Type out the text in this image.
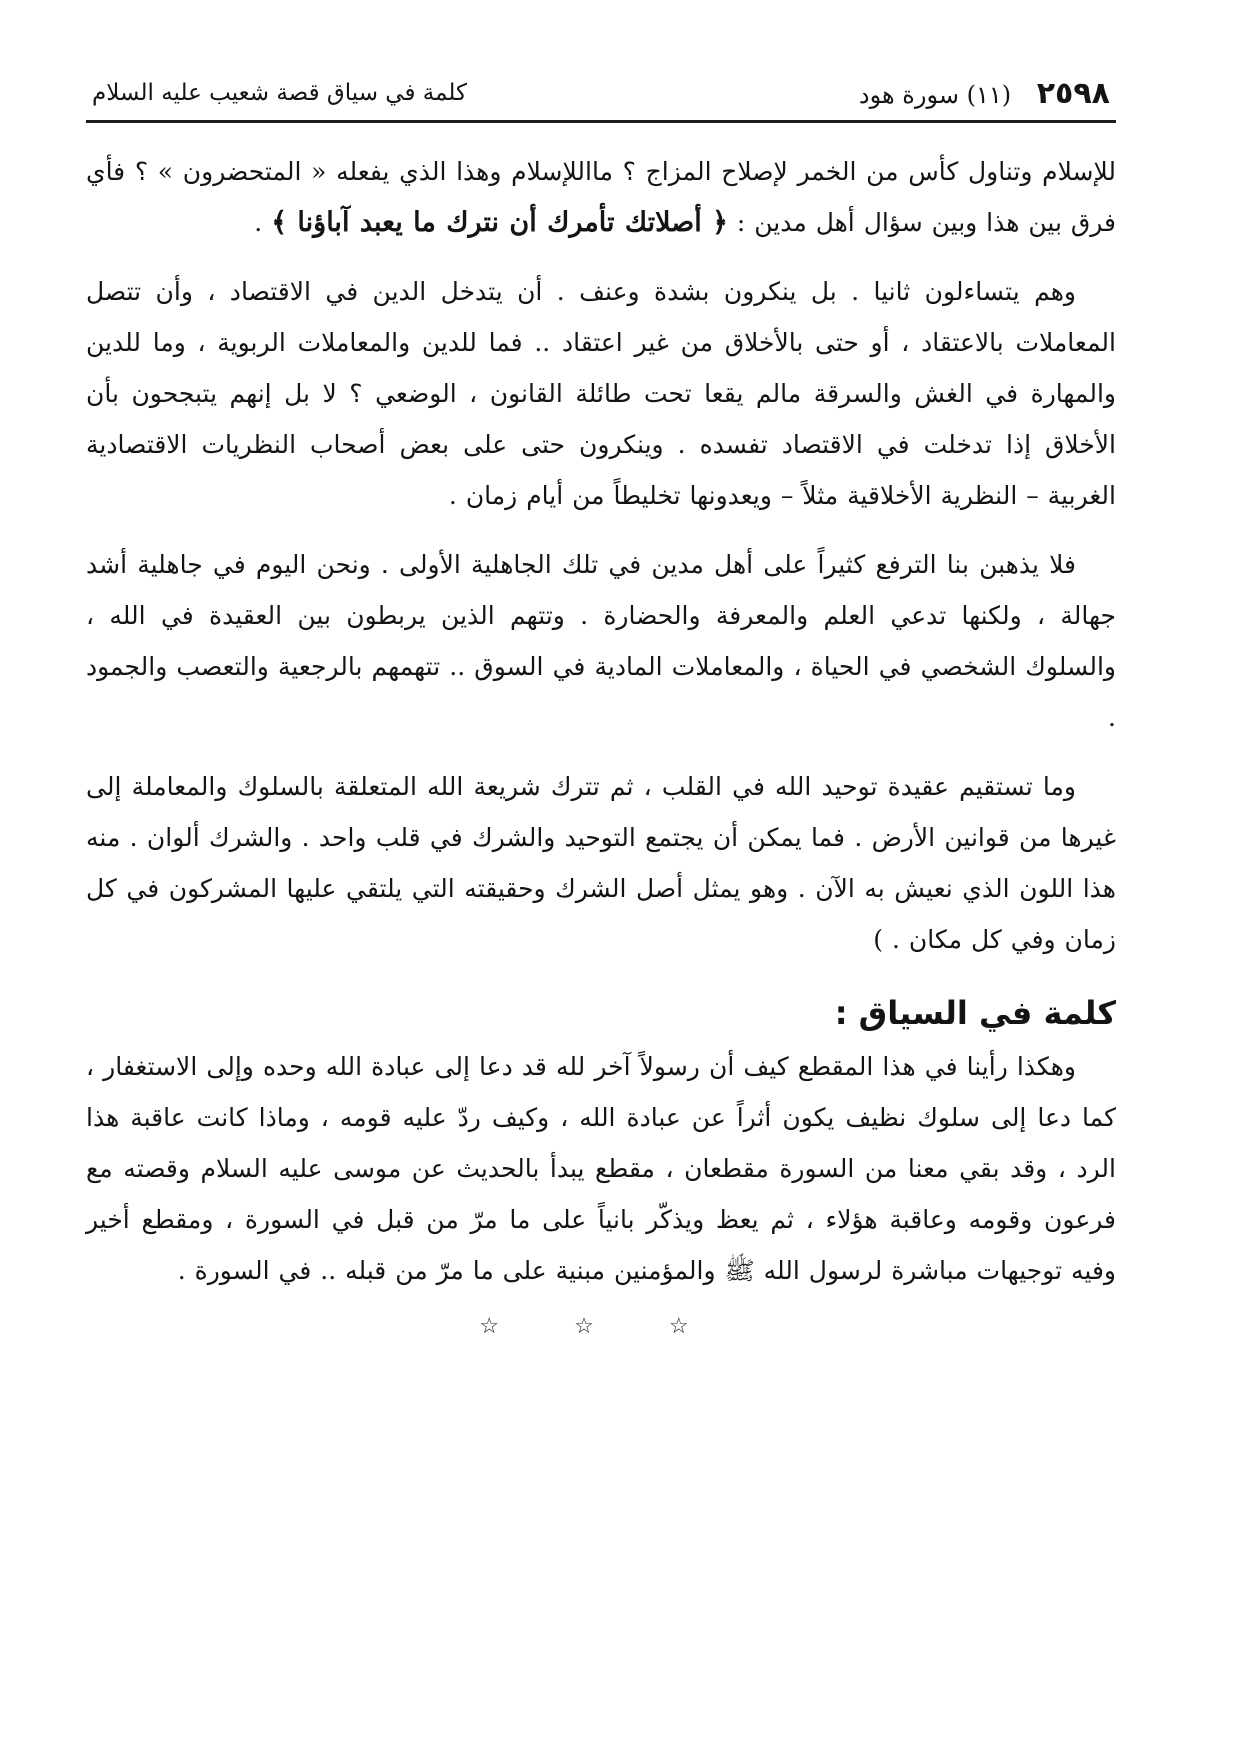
٢٥٩٨ (١١) سورة هود
كلمة في سياق قصة شعيب عليه السلام

للإسلام وتناول كأس من الخمر لإصلاح المزاج ؟ مااللإسلام وهذا الذي يفعله « المتحضرون » ؟ فأي فرق بين هذا وبين سؤال أهل مدين : ﴿ أصلاتك تأمرك أن نترك ما يعبد آباؤنا ﴾ .

وهم يتساءلون ثانيا . بل ينكرون بشدة وعنف . أن يتدخل الدين في الاقتصاد ، وأن تتصل المعاملات بالاعتقاد ، أو حتى بالأخلاق من غير اعتقاد .. فما للدين والمعاملات الربوية ، وما للدين والمهارة في الغش والسرقة مالم يقعا تحت طائلة القانون ، الوضعي ؟ لا بل إنهم يتبجحون بأن الأخلاق إذا تدخلت في الاقتصاد تفسده . وينكرون حتى على بعض أصحاب النظريات الاقتصادية الغربية – النظرية الأخلاقية مثلاً – ويعدونها تخليطاً من أيام زمان .

فلا يذهبن بنا الترفع كثيراً على أهل مدين في تلك الجاهلية الأولى . ونحن اليوم في جاهلية أشد جهالة ، ولكنها تدعي العلم والمعرفة والحضارة . وتتهم الذين يربطون بين العقيدة في الله ، والسلوك الشخصي في الحياة ، والمعاملات المادية في السوق .. تتهمهم بالرجعية والتعصب والجمود .

وما تستقيم عقيدة توحيد الله في القلب ، ثم تترك شريعة الله المتعلقة بالسلوك والمعاملة إلى غيرها من قوانين الأرض . فما يمكن أن يجتمع التوحيد والشرك في قلب واحد . والشرك ألوان . منه هذا اللون الذي نعيش به الآن . وهو يمثل أصل الشرك وحقيقته التي يلتقي عليها المشركون في كل زمان وفي كل مكان . )

كلمة في السياق :

وهكذا رأينا في هذا المقطع كيف أن رسولاً آخر لله قد دعا إلى عبادة الله وحده وإلى الاستغفار ، كما دعا إلى سلوك نظيف يكون أثراً عن عبادة الله ، وكيف ردّ عليه قومه ، وماذا كانت عاقبة هذا الرد ، وقد بقي معنا من السورة مقطعان ، مقطع يبدأ بالحديث عن موسى عليه السلام وقصته مع فرعون وقومه وعاقبة هؤلاء ، ثم يعظ ويذكّر بانياً على ما مرّ من قبل في السورة ، ومقطع أخير وفيه توجيهات مباشرة لرسول الله ﷺ والمؤمنين مبنية على ما مرّ من قبله .. في السورة .

☆ ☆ ☆
